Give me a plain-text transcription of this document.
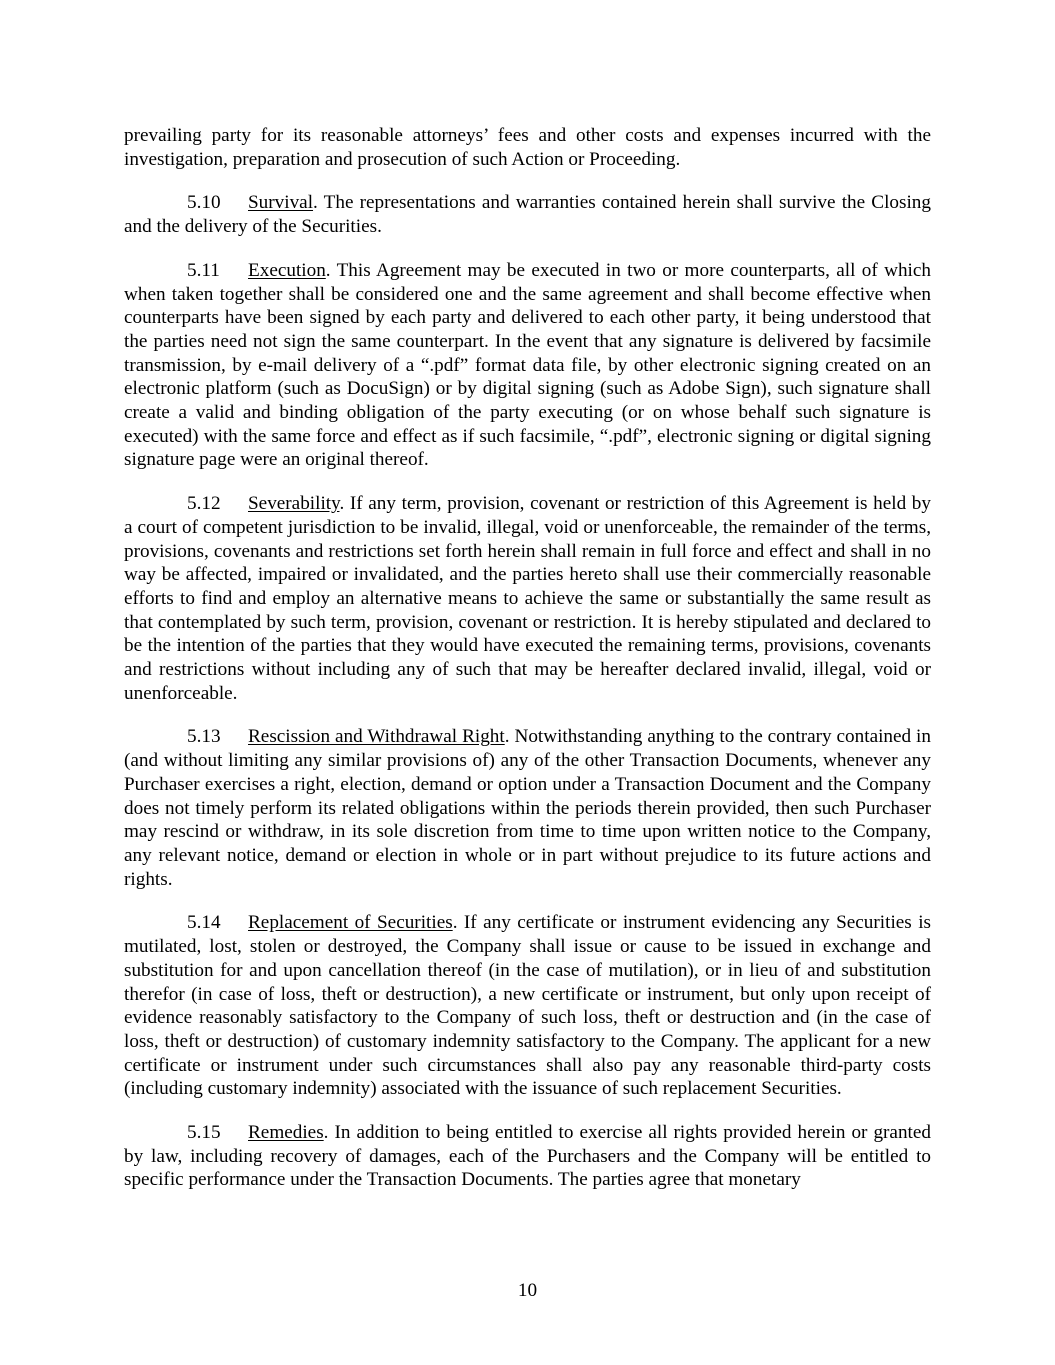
prevailing party for its reasonable attorneys’ fees and other costs and expenses incurred with the investigation, preparation and prosecution of such Action or Proceeding.

5.10 Survival. The representations and warranties contained herein shall survive the Closing and the delivery of the Securities.

5.11 Execution. This Agreement may be executed in two or more counterparts, all of which when taken together shall be considered one and the same agreement and shall become effective when counterparts have been signed by each party and delivered to each other party, it being understood that the parties need not sign the same counterpart. In the event that any signature is delivered by facsimile transmission, by e-mail delivery of a “.pdf” format data file, by other electronic signing created on an electronic platform (such as DocuSign) or by digital signing (such as Adobe Sign), such signature shall create a valid and binding obligation of the party executing (or on whose behalf such signature is executed) with the same force and effect as if such facsimile, “.pdf”, electronic signing or digital signing signature page were an original thereof.

5.12 Severability. If any term, provision, covenant or restriction of this Agreement is held by a court of competent jurisdiction to be invalid, illegal, void or unenforceable, the remainder of the terms, provisions, covenants and restrictions set forth herein shall remain in full force and effect and shall in no way be affected, impaired or invalidated, and the parties hereto shall use their commercially reasonable efforts to find and employ an alternative means to achieve the same or substantially the same result as that contemplated by such term, provision, covenant or restriction. It is hereby stipulated and declared to be the intention of the parties that they would have executed the remaining terms, provisions, covenants and restrictions without including any of such that may be hereafter declared invalid, illegal, void or unenforceable.

5.13 Rescission and Withdrawal Right. Notwithstanding anything to the contrary contained in (and without limiting any similar provisions of) any of the other Transaction Documents, whenever any Purchaser exercises a right, election, demand or option under a Transaction Document and the Company does not timely perform its related obligations within the periods therein provided, then such Purchaser may rescind or withdraw, in its sole discretion from time to time upon written notice to the Company, any relevant notice, demand or election in whole or in part without prejudice to its future actions and rights.

5.14 Replacement of Securities. If any certificate or instrument evidencing any Securities is mutilated, lost, stolen or destroyed, the Company shall issue or cause to be issued in exchange and substitution for and upon cancellation thereof (in the case of mutilation), or in lieu of and substitution therefor (in case of loss, theft or destruction), a new certificate or instrument, but only upon receipt of evidence reasonably satisfactory to the Company of such loss, theft or destruction and (in the case of loss, theft or destruction) of customary indemnity satisfactory to the Company. The applicant for a new certificate or instrument under such circumstances shall also pay any reasonable third-party costs (including customary indemnity) associated with the issuance of such replacement Securities.

5.15 Remedies. In addition to being entitled to exercise all rights provided herein or granted by law, including recovery of damages, each of the Purchasers and the Company will be entitled to specific performance under the Transaction Documents. The parties agree that monetary

10
